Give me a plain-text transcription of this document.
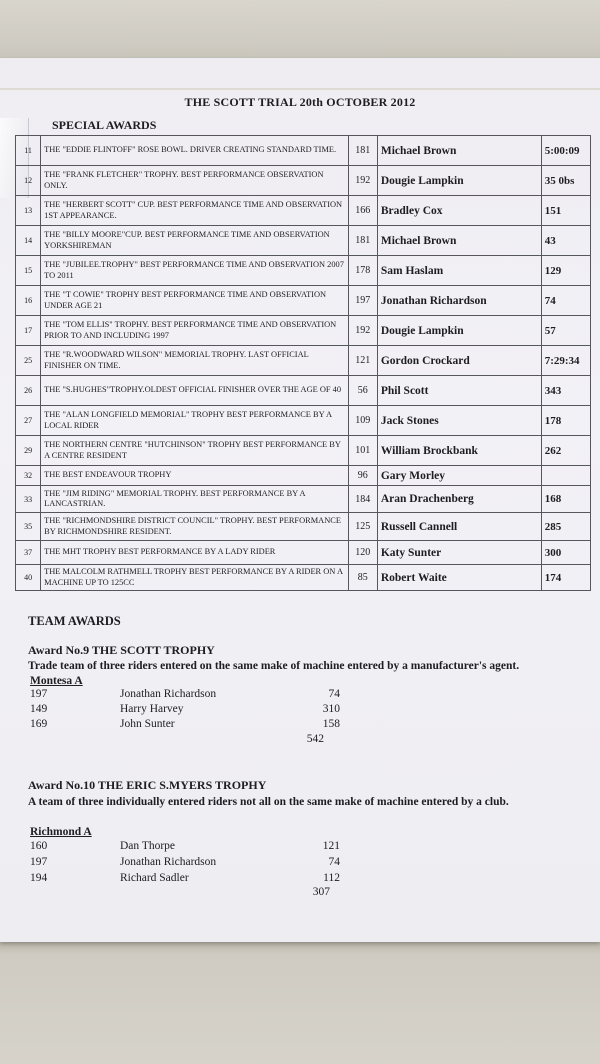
THE SCOTT TRIAL 20th OCTOBER 2012
SPECIAL AWARDS
11	THE "EDDIE FLINTOFF" ROSE BOWL. DRIVER CREATING STANDARD TIME.	181	Michael Brown	5:00:09
12	THE "FRANK FLETCHER" TROPHY. BEST PERFORMANCE OBSERVATION ONLY.	192	Dougie Lampkin	35 0bs
13	THE "HERBERT SCOTT" CUP. BEST PERFORMANCE TIME AND OBSERVATION 1ST APPEARANCE.	166	Bradley Cox	151
14	THE "BILLY MOORE"CUP. BEST PERFORMANCE TIME AND OBSERVATION YORKSHIREMAN	181	Michael Brown	43
15	THE "JUBILEE.TROPHY" BEST PERFORMANCE TIME AND OBSERVATION 2007 TO 2011	178	Sam Haslam	129
16	THE "T COWIE" TROPHY BEST PERFORMANCE TIME AND OBSERVATION UNDER AGE 21	197	Jonathan Richardson	74
17	THE "TOM ELLIS" TROPHY. BEST PERFORMANCE TIME AND OBSERVATION PRIOR TO AND INCLUDING 1997	192	Dougie Lampkin	57
25	THE "R.WOODWARD WILSON" MEMORIAL TROPHY. LAST OFFICIAL FINISHER ON TIME.	121	Gordon Crockard	7:29:34
26	THE "S.HUGHES"TROPHY.OLDEST OFFICIAL FINISHER OVER THE AGE OF 40	56	Phil Scott	343
27	THE "ALAN LONGFIELD MEMORIAL" TROPHY BEST PERFORMANCE BY A LOCAL RIDER	109	Jack Stones	178
29	THE NORTHERN CENTRE "HUTCHINSON" TROPHY BEST PERFORMANCE BY A CENTRE RESIDENT	101	William Brockbank	262
32	THE BEST ENDEAVOUR TROPHY	96	Gary Morley	
33	THE "JIM RIDING" MEMORIAL TROPHY. BEST PERFORMANCE BY A LANCASTRIAN.	184	Aran Drachenberg	168
35	THE "RICHMONDSHIRE DISTRICT COUNCIL" TROPHY. BEST PERFORMANCE BY RICHMONDSHIRE RESIDENT.	125	Russell Cannell	285
37	THE MHT TROPHY BEST PERFORMANCE BY A LADY RIDER	120	Katy Sunter	300
40	THE MALCOLM RATHMELL TROPHY BEST PERFORMANCE BY A RIDER ON A MACHINE UP TO 125CC	85	Robert Waite	174
TEAM AWARDS
Award No.9 THE SCOTT TROPHY
Trade team of three riders entered on the same make of machine entered by a manufacturer's agent.
Montesa A
197	Jonathan Richardson	74
149	Harry Harvey	310
169	John Sunter	158
542
Award No.10 THE ERIC S.MYERS TROPHY
A team of three individually entered riders not all on the same make of machine entered by a club.
Richmond A
160	Dan Thorpe	121
197	Jonathan Richardson	74
194	Richard Sadler	112
307
